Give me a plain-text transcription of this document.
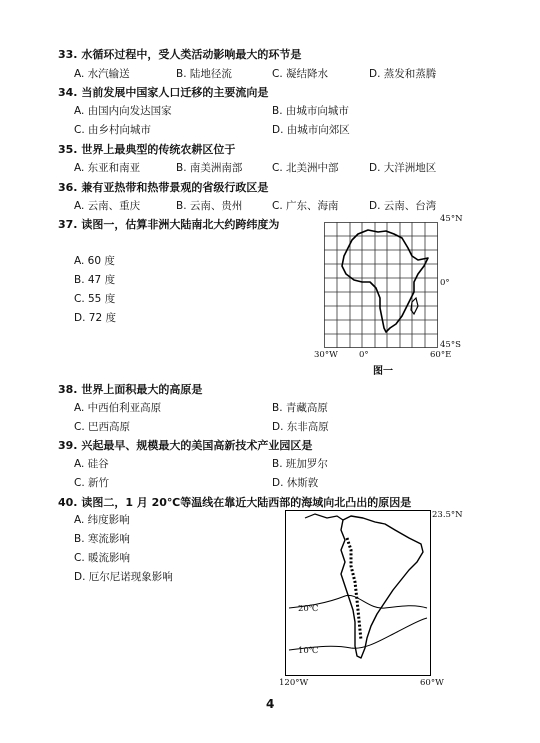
33. 水循环过程中，受人类活动影响最大的环节是
A. 水汽输送	B. 陆地径流	C. 凝结降水	D. 蒸发和蒸腾
34. 当前发展中国家人口迁移的主要流向是
A. 由国内向发达国家	B. 由城市向城市
C. 由乡村向城市	D. 由城市向郊区
35. 世界上最典型的传统农耕区位于
A. 东亚和南亚	B. 南美洲南部	C. 北美洲中部	D. 大洋洲地区
36. 兼有亚热带和热带景观的省级行政区是
A. 云南、重庆	B. 云南、贵州	C. 广东、海南	D. 云南、台湾
37. 读图一，估算非洲大陆南北大约跨纬度为
A. 60 度
B. 47 度
C. 55 度
D. 72 度
45°N
0°
45°S
30°W 0°	60°E
图一
38. 世界上面积最大的高原是
A. 中西伯利亚高原	B. 青藏高原
C. 巴西高原	D. 东非高原
39. 兴起最早、规模最大的美国高新技术产业园区是
A. 硅谷	B. 班加罗尔
C. 新竹	D. 休斯敦
40. 读图二，1 月 20℃等温线在靠近大陆西部的海域向北凸出的原因是
A. 纬度影响
B. 寒流影响
C. 暖流影响
D. 厄尔尼诺现象影响
23.5°N
20℃
10℃
120°W	60°W
4
